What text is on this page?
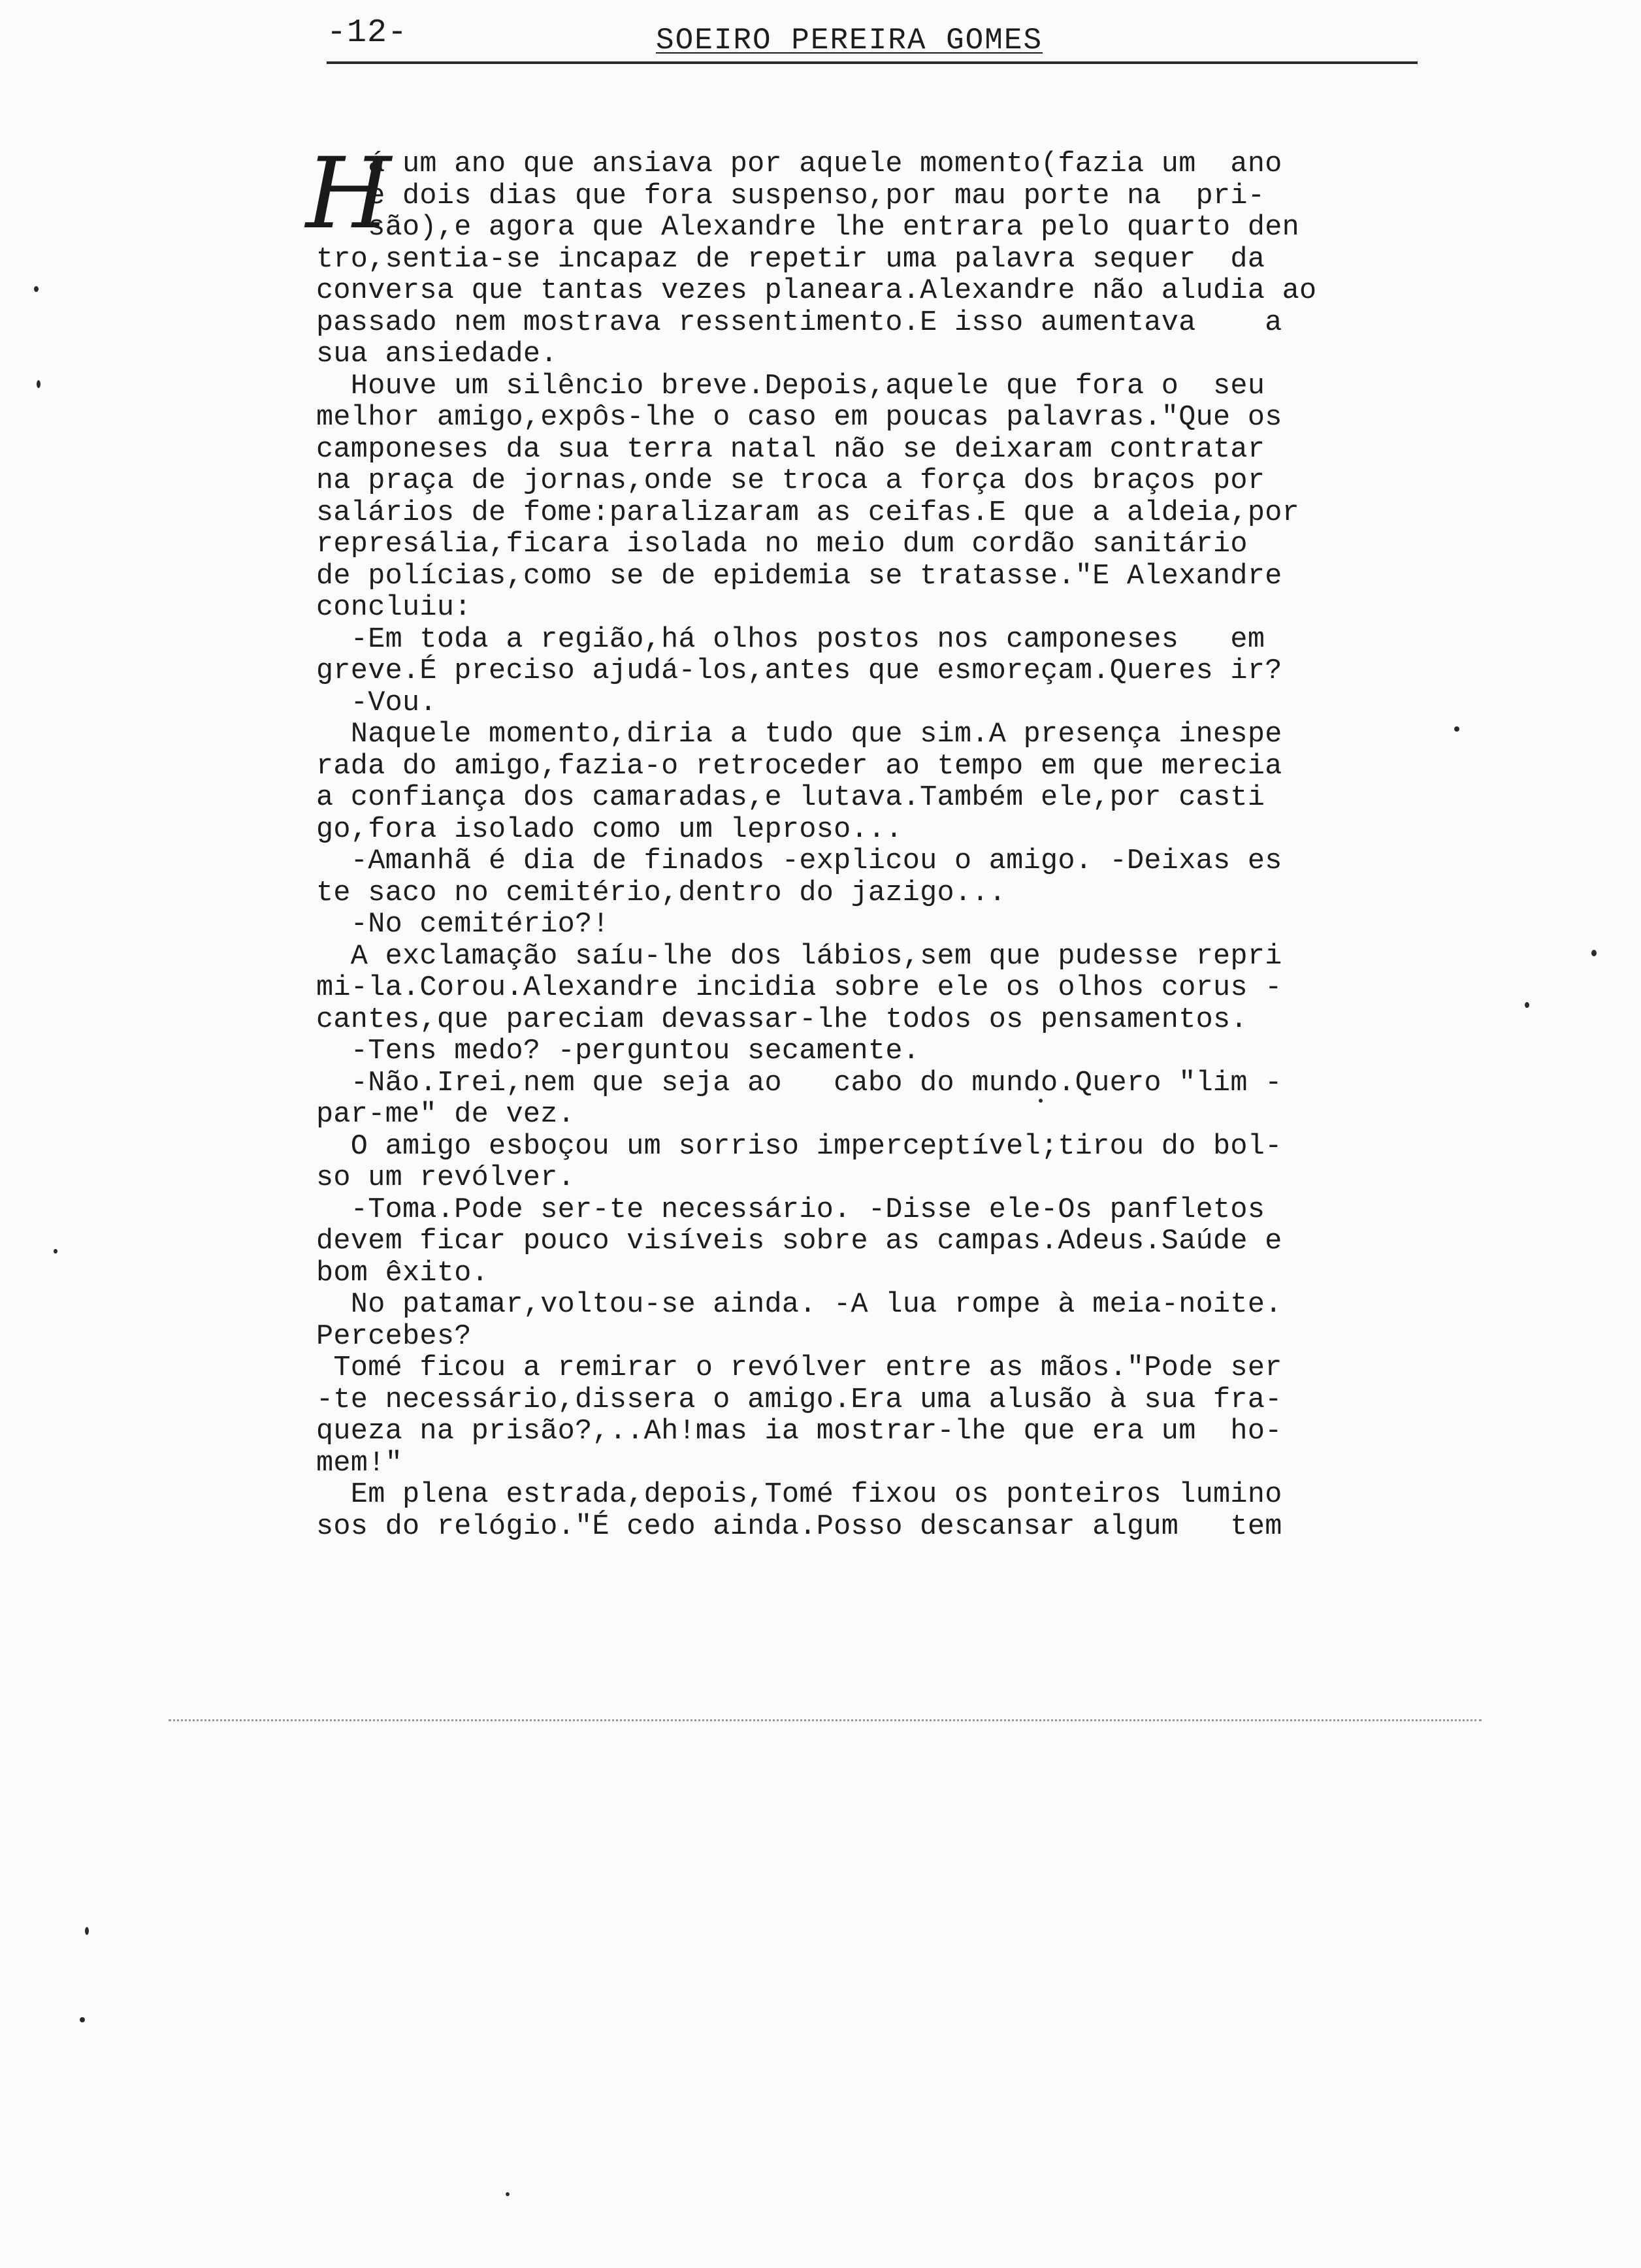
-12-	SOEIRO PEREIRA GOMES
H
á um ano que ansiava por aquele momento(fazia um  ano
e dois dias que fora suspenso,por mau porte na  pri-
são),e agora que Alexandre lhe entrara pelo quarto den
tro,sentia-se incapaz de repetir uma palavra sequer  da
conversa que tantas vezes planeara.Alexandre não aludia ao
passado nem mostrava ressentimento.E isso aumentava    a
sua ansiedade.
Houve um silêncio breve.Depois,aquele que fora o  seu
melhor amigo,expôs-lhe o caso em poucas palavras."Que os
camponeses da sua terra natal não se deixaram contratar
na praça de jornas,onde se troca a força dos braços por
salários de fome:paralizaram as ceifas.E que a aldeia,por
represália,ficara isolada no meio dum cordão sanitário
de polícias,como se de epidemia se tratasse."E Alexandre
concluiu:
-Em toda a região,há olhos postos nos camponeses   em
greve.É preciso ajudá-los,antes que esmoreçam.Queres ir?
-Vou.
Naquele momento,diria a tudo que sim.A presença inespe
rada do amigo,fazia-o retroceder ao tempo em que merecia
a confiança dos camaradas,e lutava.Também ele,por casti
go,fora isolado como um leproso...
-Amanhã é dia de finados -explicou o amigo. -Deixas es
te saco no cemitério,dentro do jazigo...
-No cemitério?!
A exclamação saíu-lhe dos lábios,sem que pudesse repri
mi-la.Corou.Alexandre incidia sobre ele os olhos corus -
cantes,que pareciam devassar-lhe todos os pensamentos.
-Tens medo? -perguntou secamente.
-Não.Irei,nem que seja ao   cabo do mundo.Quero "lim -
par-me" de vez.
O amigo esboçou um sorriso imperceptível;tirou do bol-
so um revólver.
-Toma.Pode ser-te necessário. -Disse ele-Os panfletos
devem ficar pouco visíveis sobre as campas.Adeus.Saúde e
bom êxito.
No patamar,voltou-se ainda. -A lua rompe à meia-noite.
Percebes?
Tomé ficou a remirar o revólver entre as mãos."Pode ser
-te necessário,dissera o amigo.Era uma alusão à sua fra-
queza na prisão?,..Ah!mas ia mostrar-lhe que era um  ho-
mem!"
Em plena estrada,depois,Tomé fixou os ponteiros lumino
sos do relógio."É cedo ainda.Posso descansar algum   tem
